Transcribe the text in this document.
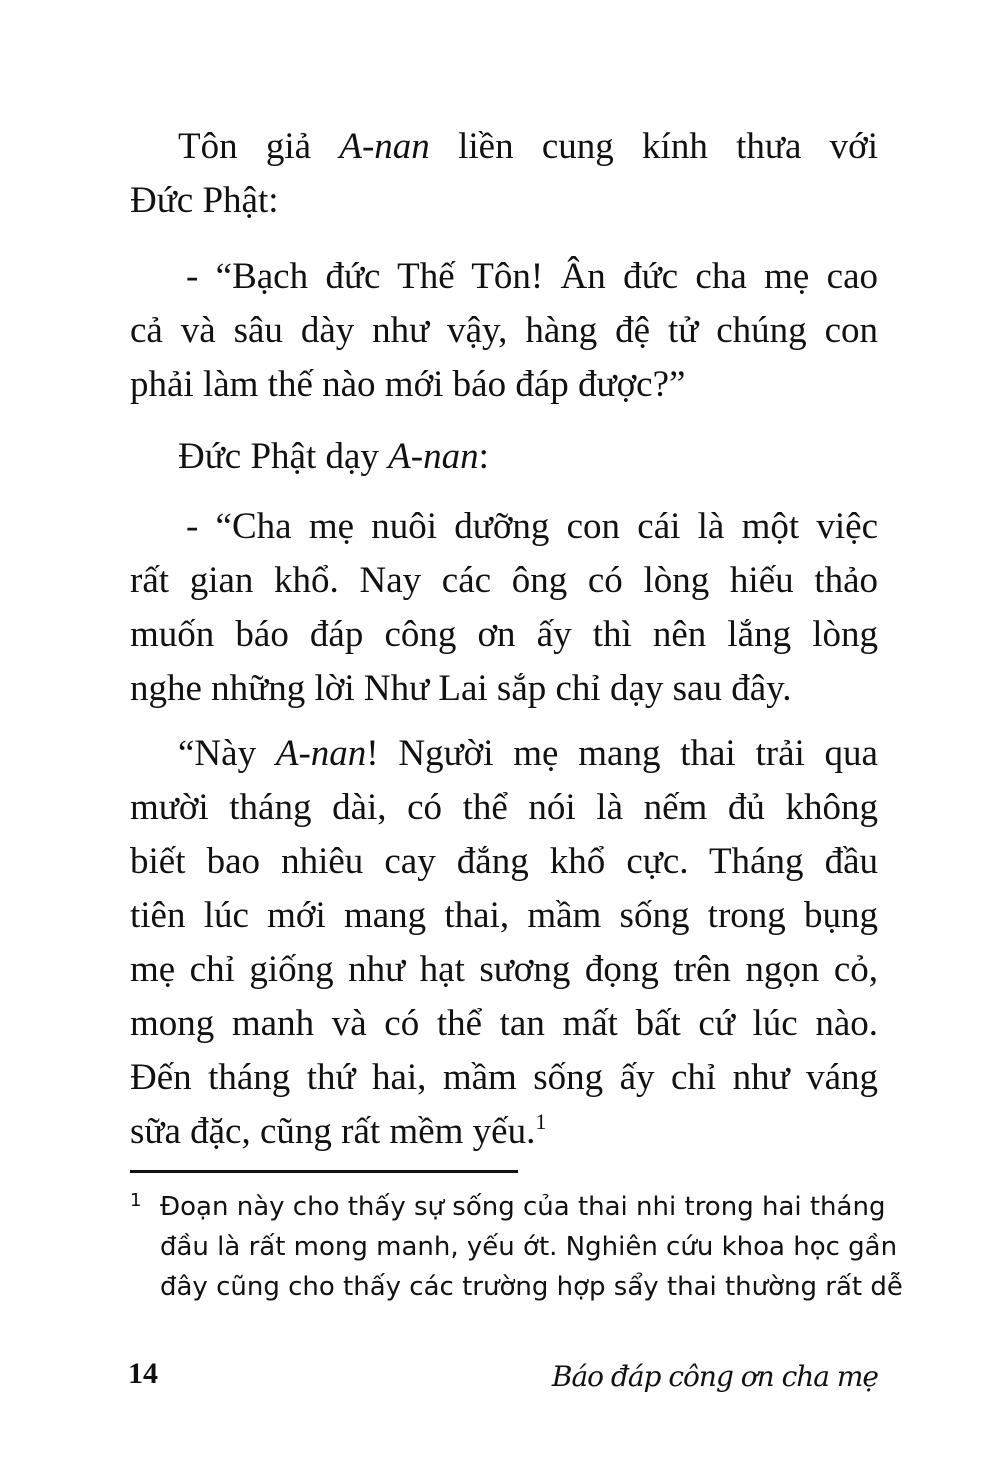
Tôn giả A-nan liền cung kính thưa với
Đức Phật:

- “Bạch đức Thế Tôn! Ân đức cha mẹ cao
cả và sâu dày như vậy, hàng đệ tử chúng con
phải làm thế nào mới báo đáp được?”

Đức Phật dạy A-nan:

- “Cha mẹ nuôi dưỡng con cái là một việc
rất gian khổ. Nay các ông có lòng hiếu thảo
muốn báo đáp công ơn ấy thì nên lắng lòng
nghe những lời Như Lai sắp chỉ dạy sau đây.

“Này A-nan! Người mẹ mang thai trải qua
mười tháng dài, có thể nói là nếm đủ không
biết bao nhiêu cay đắng khổ cực. Tháng đầu
tiên lúc mới mang thai, mầm sống trong bụng
mẹ chỉ giống như hạt sương đọng trên ngọn cỏ,
mong manh và có thể tan mất bất cứ lúc nào.
Đến tháng thứ hai, mầm sống ấy chỉ như váng
sữa đặc, cũng rất mềm yếu.$^1$

1 Đoạn này cho thấy sự sống của thai nhi trong hai tháng
đầu là rất mong manh, yếu ớt. Nghiên cứu khoa học gần
đây cũng cho thấy các trường hợp sẩy thai thường rất dễ
14	Báo đáp công ơn cha mẹ
